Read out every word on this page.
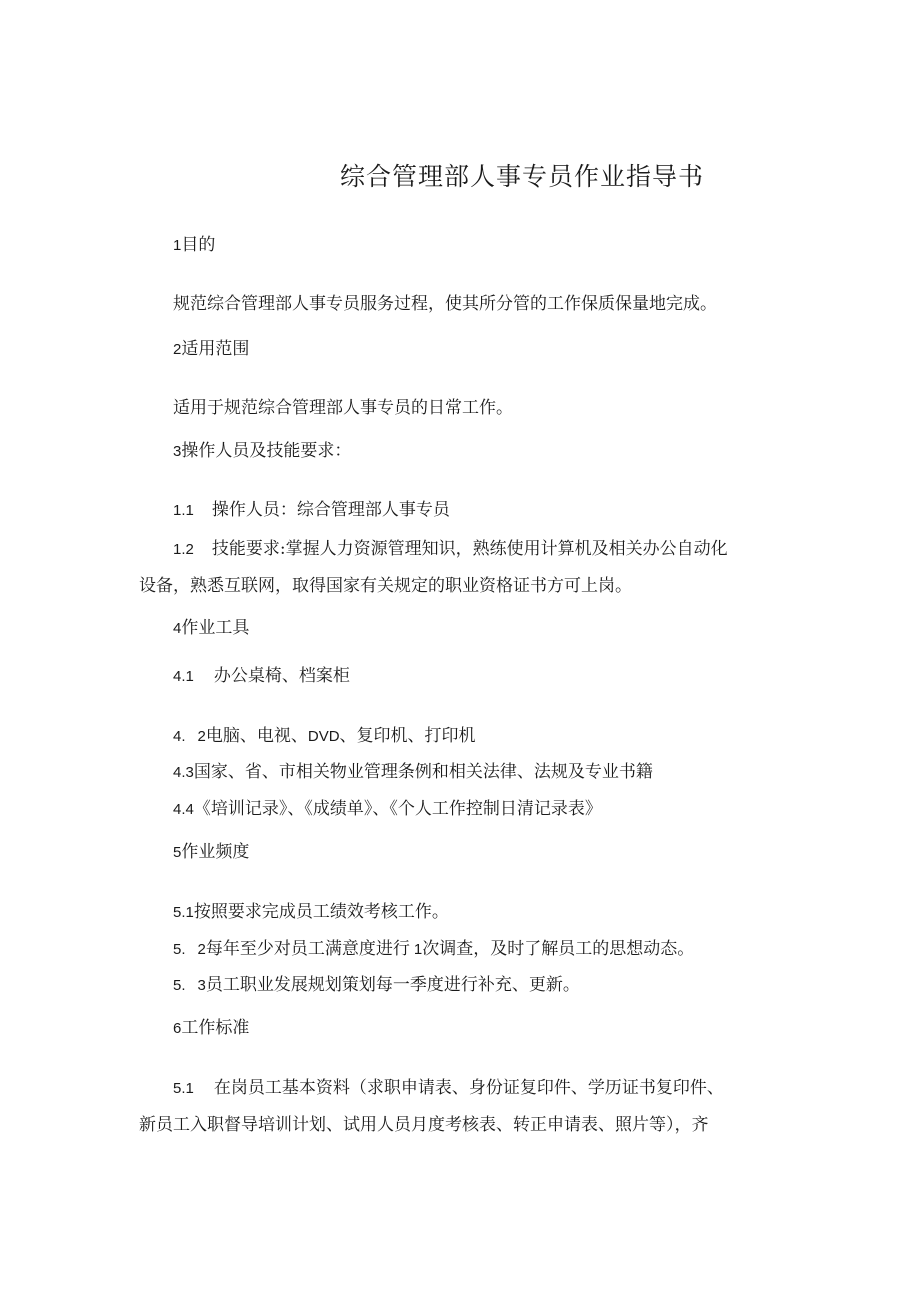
综合管理部人事专员作业指导书
1目的
规范综合管理部人事专员服务过程，使其所分管的工作保质保量地完成。
2适用范围
适用于规范综合管理部人事专员的日常工作。
3操作人员及技能要求：
1.1 操作人员：综合管理部人事专员
1.2 技能要求:掌握人力资源管理知识，熟练使用计算机及相关办公自动化
设备，熟悉互联网，取得国家有关规定的职业资格证书方可上岗。
4作业工具
4.1 办公桌椅、档案柜
4. 2电脑、电视、DVD、复印机、打印机
4.3国家、省、市相关物业管理条例和相关法律、法规及专业书籍
4.4《培训记录》、《成绩单》、《个人工作控制日清记录表》
5作业频度
5.1按照要求完成员工绩效考核工作。
5. 2每年至少对员工满意度进行 1次调查，及时了解员工的思想动态。
5. 3员工职业发展规划策划每一季度进行补充、更新。
6工作标准
5.1 在岗员工基本资料（求职申请表、身份证复印件、学历证书复印件、
新员工入职督导培训计划、试用人员月度考核表、转正申请表、照片等），齐
